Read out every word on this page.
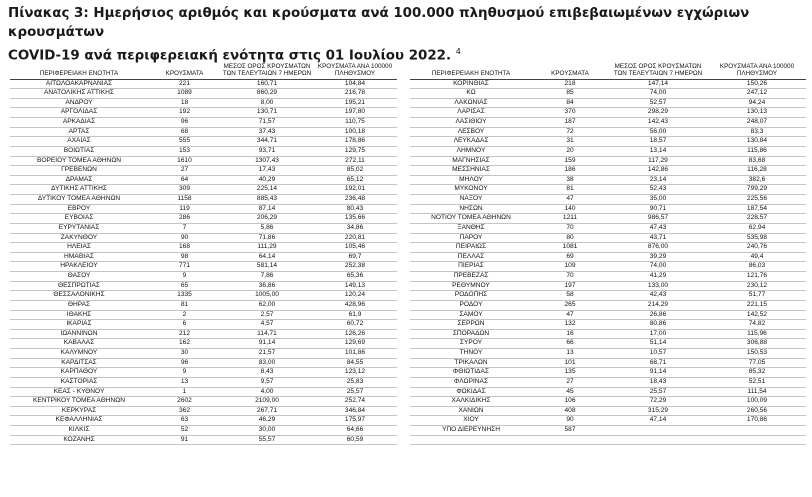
Πίνακας 3: Ημερήσιος αριθμός και κρούσματα ανά 100.000 πληθυσμού επιβεβαιωμένων εγχώριων κρουσμάτων
COVID-19 ανά περιφερειακή ενότητα στις 01 Ιουλίου 2022. $^4$
ΠΕΡΙΦΕΡΕΙΑΚΗ ΕΝΟΤΗΤΑ	ΚΡΟΥΣΜΑΤΑ	ΜΕΣΟΣ ΟΡΟΣ ΚΡΟΥΣΜΑΤΩΝ ΤΩΝ ΤΕΛΕΥΤΑΙΩΝ 7 ΗΜΕΡΩΝ	ΚΡΟΥΣΜΑΤΑ ΑΝΑ 100000 ΠΛΗΘΥΣΜΟΥ
ΑΙΤΩΛΟΑΚΑΡΝΑΝΙΑΣ	221	160,71	104,84
ΑΝΑΤΟΛΙΚΗΣ ΑΤΤΙΚΗΣ	1089	860,29	216,78
ΑΝΔΡΟΥ	18	8,00	195,21
ΑΡΓΟΛΙΔΑΣ	192	130,71	197,80
ΑΡΚΑΔΙΑΣ	96	71,57	110,75
ΑΡΤΑΣ	68	37,43	100,18
ΑΧΑΪΑΣ	555	344,71	178,86
ΒΟΙΩΤΙΑΣ	153	93,71	129,75
ΒΟΡΕΙΟΥ ΤΟΜΕΑ ΑΘΗΝΩΝ	1610	1307,43	272,11
ΓΡΕΒΕΝΩΝ	27	17,43	85,02
ΔΡΑΜΑΣ	64	40,29	65,12
ΔΥΤΙΚΗΣ ΑΤΤΙΚΗΣ	309	225,14	192,01
ΔΥΤΙΚΟΥ ΤΟΜΕΑ ΑΘΗΝΩΝ	1158	885,43	236,48
ΕΒΡΟΥ	119	87,14	80,43
ΕΥΒΟΙΑΣ	286	206,29	135,66
ΕΥΡΥΤΑΝΙΑΣ	7	5,86	34,86
ΖΑΚΥΝΘΟΥ	90	71,86	220,81
ΗΛΕΙΑΣ	168	111,29	105,46
ΗΜΑΘΙΑΣ	98	64,14	69,7
ΗΡΑΚΛΕΙΟΥ	771	581,14	252,38
ΘΑΣΟΥ	9	7,86	65,36
ΘΕΣΠΡΩΤΙΑΣ	65	36,86	149,13
ΘΕΣΣΑΛΟΝΙΚΗΣ	1335	1005,00	120,24
ΘΗΡΑΣ	81	62,00	428,96
ΙΘΑΚΗΣ	2	2,57	61,9
ΙΚΑΡΙΑΣ	6	4,57	60,72
ΙΩΑΝΝΙΝΩΝ	212	114,71	126,26
ΚΑΒΑΛΑΣ	162	91,14	129,69
ΚΑΛΥΜΝΟΥ	30	21,57	101,86
ΚΑΡΔΙΤΣΑΣ	96	83,00	84,55
ΚΑΡΠΑΘΟΥ	9	8,43	123,12
ΚΑΣΤΟΡΙΑΣ	13	9,57	25,83
ΚΕΑΣ - ΚΥΘΝΟΥ	1	4,00	25,57
ΚΕΝΤΡΙΚΟΥ ΤΟΜΕΑ ΑΘΗΝΩΝ	2602	2109,00	252,74
ΚΕΡΚΥΡΑΣ	362	267,71	346,84
ΚΕΦΑΛΛΗΝΙΑΣ	63	46,29	175,97
ΚΙΛΚΙΣ	52	30,00	64,66
ΚΟΖΑΝΗΣ	91	55,57	60,59
ΠΕΡΙΦΕΡΕΙΑΚΗ ΕΝΟΤΗΤΑ	ΚΡΟΥΣΜΑΤΑ	ΜΕΣΟΣ ΟΡΟΣ ΚΡΟΥΣΜΑΤΩΝ ΤΩΝ ΤΕΛΕΥΤΑΙΩΝ 7 ΗΜΕΡΩΝ	ΚΡΟΥΣΜΑΤΑ ΑΝΑ 100000 ΠΛΗΘΥΣΜΟΥ
ΚΟΡΙΝΘΙΑΣ	218	147,14	150,26
ΚΩ	85	74,00	247,12
ΛΑΚΩΝΙΑΣ	84	52,57	94,24
ΛΑΡΙΣΑΣ	370	298,29	130,13
ΛΑΣΙΘΙΟΥ	187	142,43	248,07
ΛΕΣΒΟΥ	72	56,00	83,3
ΛΕΥΚΑΔΑΣ	31	18,57	130,84
ΛΗΜΝΟΥ	20	13,14	115,86
ΜΑΓΝΗΣΙΑΣ	159	117,29	83,68
ΜΕΣΣΗΝΙΑΣ	186	142,86	116,28
ΜΗΛΟΥ	38	23,14	382,6
ΜΥΚΟΝΟΥ	81	52,43	799,29
ΝΑΞΟΥ	47	35,00	225,56
ΝΗΣΩΝ	140	90,71	187,54
ΝΟΤΙΟΥ ΤΟΜΕΑ ΑΘΗΝΩΝ	1211	986,57	228,57
ΞΑΝΘΗΣ	70	47,43	62,94
ΠΑΡΟΥ	80	43,71	535,98
ΠΕΙΡΑΙΩΣ	1081	876,00	240,76
ΠΕΛΛΑΣ	69	39,29	49,4
ΠΙΕΡΙΑΣ	109	74,00	86,03
ΠΡΕΒΕΖΑΣ	70	41,29	121,76
ΡΕΘΥΜΝΟΥ	197	133,00	230,12
ΡΟΔΟΠΗΣ	58	42,43	51,77
ΡΟΔΟΥ	265	214,29	221,15
ΣΑΜΟΥ	47	26,86	142,52
ΣΕΡΡΩΝ	132	80,86	74,82
ΣΠΟΡΑΔΩΝ	16	17,00	115,96
ΣΥΡΟΥ	66	51,14	306,88
ΤΗΝΟΥ	13	10,57	150,53
ΤΡΙΚΑΛΩΝ	101	68,71	77,05
ΦΘΙΩΤΙΔΑΣ	135	91,14	85,32
ΦΛΩΡΙΝΑΣ	27	18,43	52,51
ΦΩΚΙΔΑΣ	45	25,57	111,54
ΧΑΛΚΙΔΙΚΗΣ	106	72,29	100,09
ΧΑΝΙΩΝ	408	315,29	260,56
ΧΙΟΥ	90	47,14	170,86
ΥΠΟ ΔΙΕΡΕΥΝΗΣΗ	587		
